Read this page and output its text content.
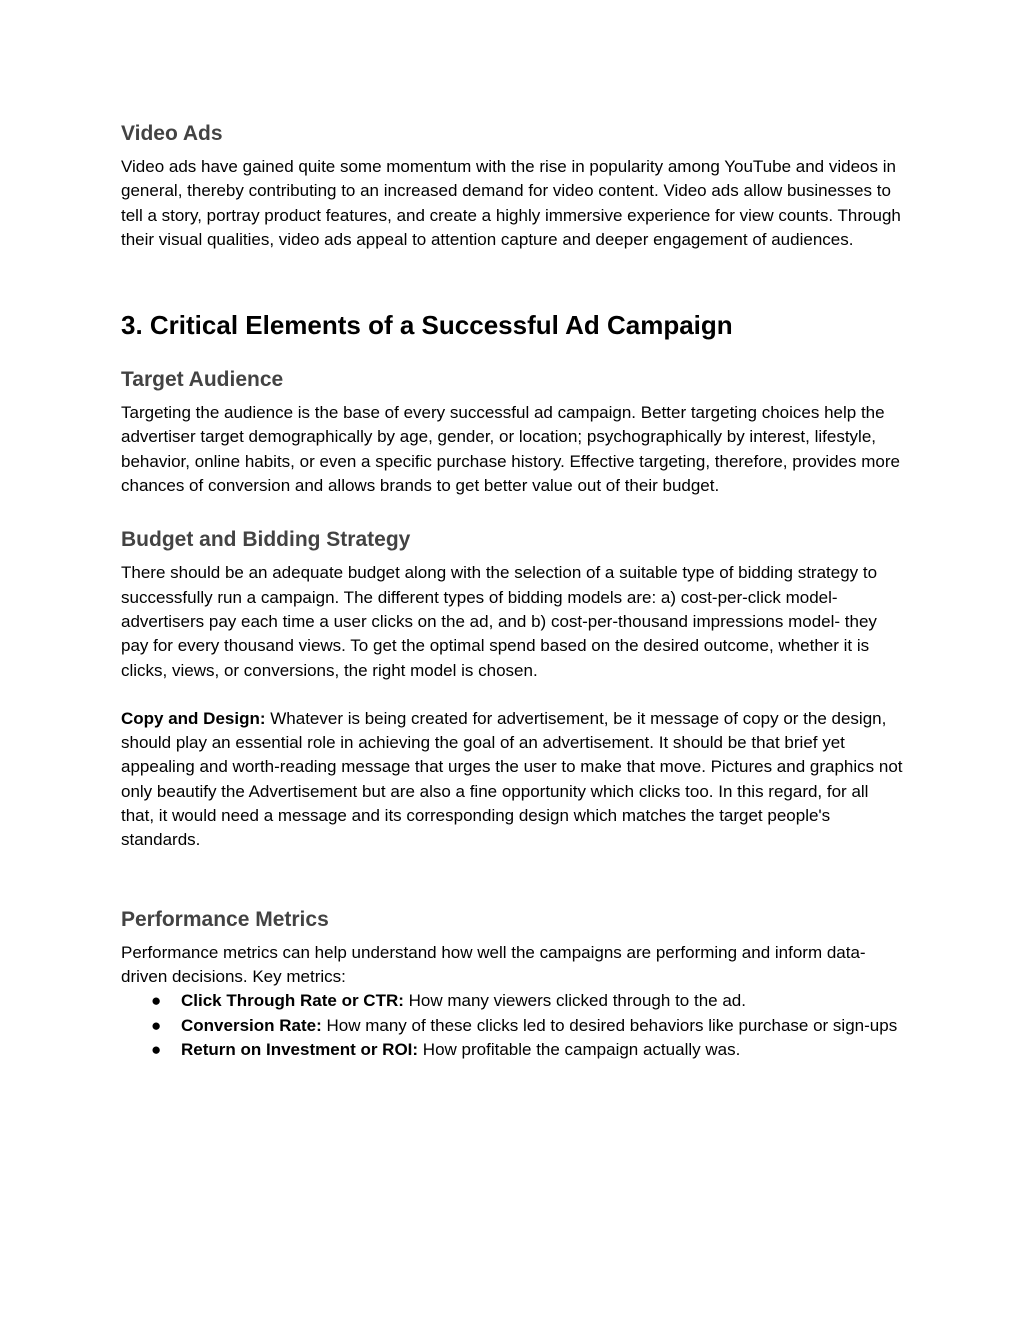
Video Ads

Video ads have gained quite some momentum with the rise in popularity among YouTube and videos in general, thereby contributing to an increased demand for video content. Video ads allow businesses to tell a story, portray product features, and create a highly immersive experience for view counts. Through their visual qualities, video ads appeal to attention capture and deeper engagement of audiences.

3. Critical Elements of a Successful Ad Campaign
Target Audience

Targeting the audience is the base of every successful ad campaign. Better targeting choices help the advertiser target demographically by age, gender, or location; psychographically by interest, lifestyle, behavior, online habits, or even a specific purchase history. Effective targeting, therefore, provides more chances of conversion and allows brands to get better value out of their budget.

Budget and Bidding Strategy

There should be an adequate budget along with the selection of a suitable type of bidding strategy to successfully run a campaign. The different types of bidding models are: a) cost-per-click model- advertisers pay each time a user clicks on the ad, and b) cost-per-thousand impressions model- they pay for every thousand views. To get the optimal spend based on the desired outcome, whether it is clicks, views, or conversions, the right model is chosen.

Copy and Design: Whatever is being created for advertisement, be it message of copy or the design, should play an essential role in achieving the goal of an advertisement. It should be that brief yet appealing and worth-reading message that urges the user to make that move. Pictures and graphics not only beautify the Advertisement but are also a fine opportunity which clicks too. In this regard, for all that, it would need a message and its corresponding design which matches the target people's standards.

Performance Metrics

Performance metrics can help understand how well the campaigns are performing and inform data-driven decisions. Key metrics:

● Click Through Rate or CTR: How many viewers clicked through to the ad.
● Conversion Rate: How many of these clicks led to desired behaviors like purchase or sign-ups
● Return on Investment or ROI: How profitable the campaign actually was.
